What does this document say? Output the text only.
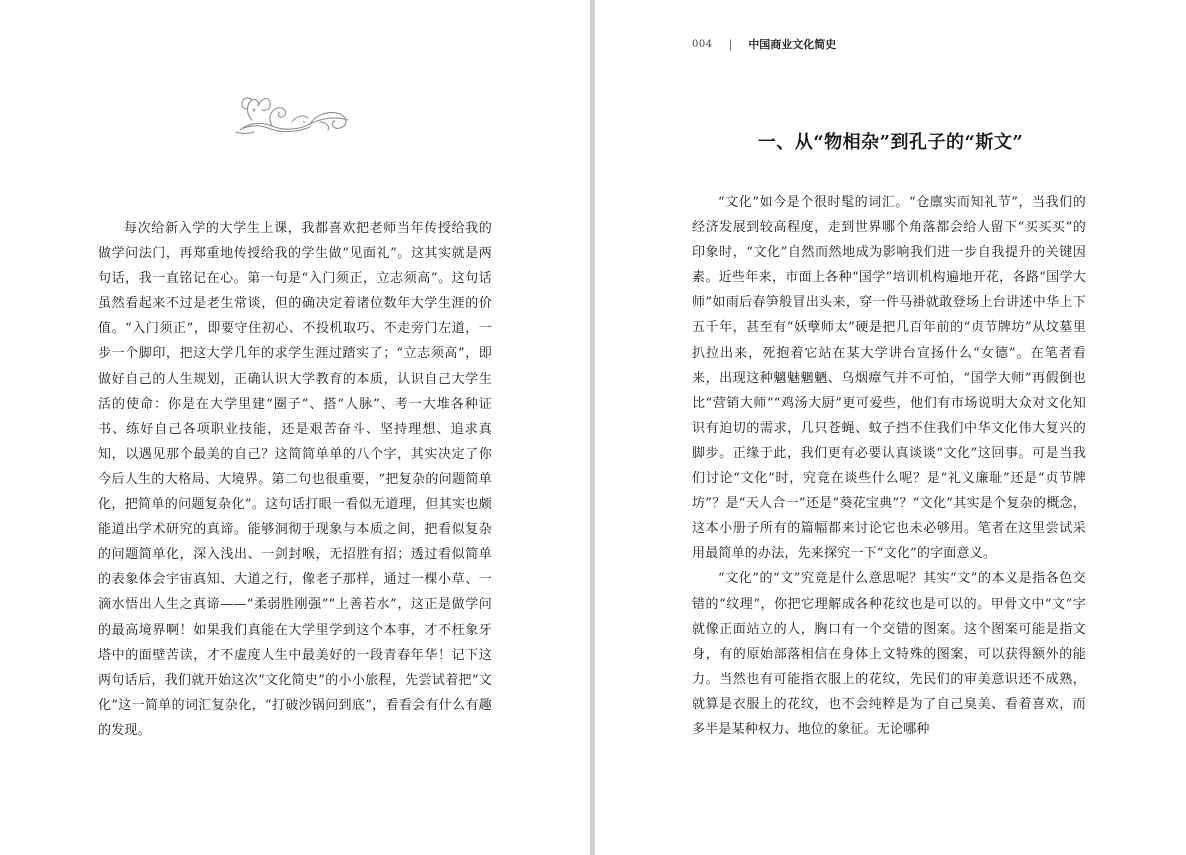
每次给新入学的大学生上课，我都喜欢把老师当年传授给我的做学问法门，再郑重地传授给我的学生做“见面礼”。这其实就是两句话，我一直铭记在心。第一句是“入门须正，立志须高”。这句话虽然看起来不过是老生常谈，但的确决定着诸位数年大学生涯的价值。“入门须正”，即要守住初心、不投机取巧、不走旁门左道，一步一个脚印，把这大学几年的求学生涯过踏实了；“立志须高”，即做好自己的人生规划，正确认识大学教育的本质，认识自己大学生活的使命：你是在大学里建“圈子”、搭“人脉”、考一大堆各种证书、练好自己各项职业技能，还是艰苦奋斗、坚持理想、追求真知，以遇见那个最美的自己？这简简单单的八个字，其实决定了你今后人生的大格局、大境界。第二句也很重要，“把复杂的问题简单化，把简单的问题复杂化”。这句话打眼一看似无道理，但其实也颇能道出学术研究的真谛。能够洞彻于现象与本质之间，把看似复杂的问题简单化，深入浅出、一剑封喉，无招胜有招；透过看似简单的表象体会宇宙真知、大道之行，像老子那样，通过一棵小草、一滴水悟出人生之真谛——“柔弱胜刚强”“上善若水”，这正是做学问的最高境界啊！如果我们真能在大学里学到这个本事，才不枉象牙塔中的面壁苦读，才不虚度人生中最美好的一段青春年华！记下这两句话后，我们就开始这次“文化简史”的小小旅程，先尝试着把“文化”这一简单的词汇复杂化，“打破沙锅问到底”，看看会有什么有趣的发现。

004 | 中国商业文化简史
一、从“物相杂”到孔子的“斯文”

“文化”如今是个很时髦的词汇。“仓廪实而知礼节”，当我们的经济发展到较高程度，走到世界哪个角落都会给人留下“买买买”的印象时，“文化”自然而然地成为影响我们进一步自我提升的关键因素。近些年来，市面上各种“国学”培训机构遍地开花，各路“国学大师”如雨后春笋般冒出头来，穿一件马褂就敢登场上台讲述中华上下五千年，甚至有“妖孽师太”硬是把几百年前的“贞节牌坊”从坟墓里扒拉出来，死抱着它站在某大学讲台宣扬什么“女德”。在笔者看来，出现这种魑魅魍魉、乌烟瘴气并不可怕，“国学大师”再假倒也比“营销大师”“鸡汤大厨”更可爱些，他们有市场说明大众对文化知识有迫切的需求，几只苍蝇、蚊子挡不住我们中华文化伟大复兴的脚步。正缘于此，我们更有必要认真谈谈“文化”这回事。可是当我们讨论“文化”时，究竟在谈些什么呢？是“礼义廉耻”还是“贞节牌坊”？是“天人合一”还是“葵花宝典”？“文化”其实是个复杂的概念，这本小册子所有的篇幅都来讨论它也未必够用。笔者在这里尝试采用最简单的办法，先来探究一下“文化”的字面意义。

“文化”的“文”究竟是什么意思呢？其实“文”的本义是指各色交错的“纹理”，你把它理解成各种花纹也是可以的。甲骨文中“文”字就像正面站立的人，胸口有一个交错的图案。这个图案可能是指文身，有的原始部落相信在身体上文特殊的图案，可以获得额外的能力。当然也有可能指衣服上的花纹，先民们的审美意识还不成熟，就算是衣服上的花纹，也不会纯粹是为了自己臭美、看着喜欢，而多半是某种权力、地位的象征。无论哪种
